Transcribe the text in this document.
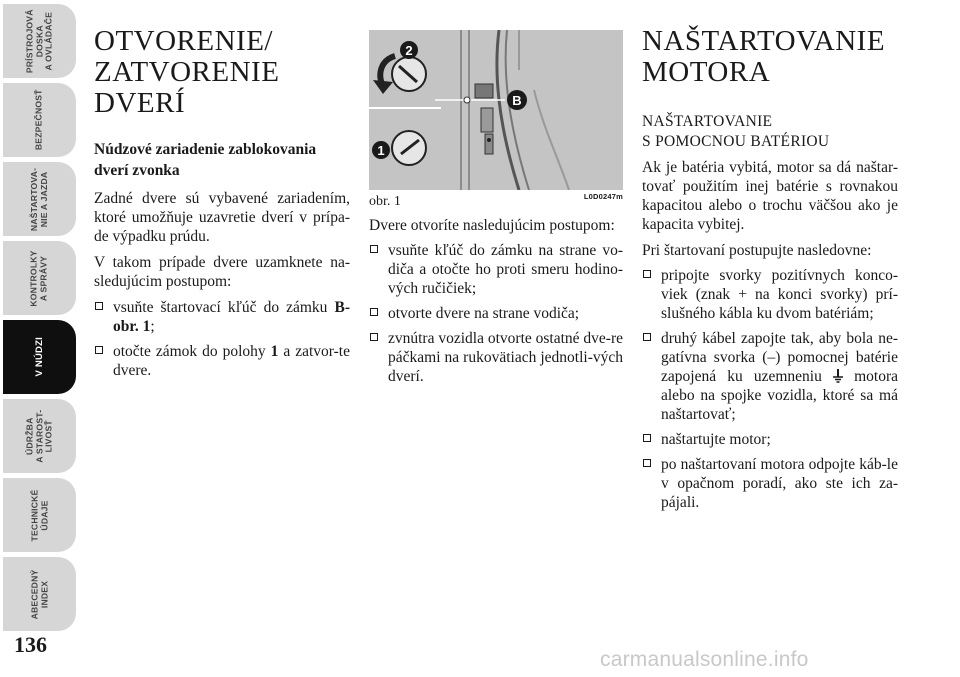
PRÍSTROJOVÁ
DOSKA
A OVLÁDAČE
BEZPEČNOSŤ
NAŠTARTOVA-
NIE A JAZDA
KONTROLKY
A SPRÁVY
V NÚDZI
ÚDRŽBA
A STAROST-
LIVOSŤ
TECHNICKÉ
ÚDAJE
ABECEDNÝ
INDEX
136
OTVORENIE/
ZATVORENIE
DVERÍ
Núdzové zariadenie zablokovania dverí zvonka

Zadné dvere sú vybavené zariadením, ktoré umožňuje uzavretie dverí v prípa-de výpadku prúdu.

V takom prípade dvere uzamknete na-sledujúcim postupom:

vsuňte štartovací kľúč do zámku B-obr. 1;
otočte zámok do polohy 1 a zatvor-te dvere.
2
1
B
obr. 1	L0D0247m

Dvere otvoríte nasledujúcim postupom:

vsuňte kľúč do zámku na strane vo-diča a otočte ho proti smeru hodino-vých ručičiek;
otvorte dvere na strane vodiča;
zvnútra vozidla otvorte ostatné dve-re páčkami na rukovätiach jednotli-vých dverí.
NAŠTARTOVANIE
MOTORA
NAŠTARTOVANIE
S POMOCNOU BATÉRIOU

Ak je batéria vybitá, motor sa dá naštar-tovať použitím inej batérie s rovnakou kapacitou alebo o trochu väčšou ako je kapacita vybitej.

Pri štartovaní postupujte nasledovne:

pripojte svorky pozitívnych konco-viek (znak + na konci svorky) prí-slušného kábla ku dvom batériám;
druhý kábel zapojte tak, aby bola ne-gatívna svorka (–) pomocnej batérie zapojená ku uzemneniu  motora alebo na spojke vozidla, ktoré sa má naštartovať;
naštartujte motor;
po naštartovaní motora odpojte káb-le v opačnom poradí, ako ste ich za-pájali.
carmanualsonline.info
